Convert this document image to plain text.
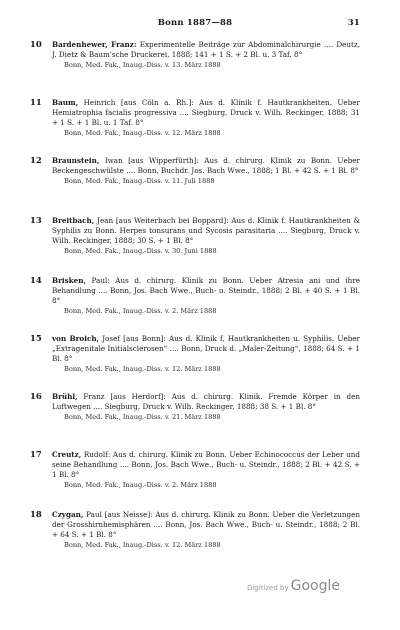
Bonn 1887—88	31
10 Bardenhewer, Franz: Experimentelle Beiträge zur Abdominalchirurgie .... Deutz, J. Dietz & Baum'sche Druckerei, 1888; 141 + 1 S. + 2 Bl. u. 3 Taf. 8°
Bonn, Med. Fak., Inaug.-Diss. v. 13. März 1888
11 Baum, Heinrich [aus Cöln a. Rh.]: Aus d. Klinik f. Hautkrankheiten. Ueber Hemiatrophia facialis progressiva .... Siegburg, Druck v. Wilh. Reckinger, 1888; 31 + 1 S. + 1 Bl. u. 1 Taf. 8°
Bonn, Med. Fak., Inaug.-Diss. v. 12. März 1888
12 Braunstein, Iwan [aus Wipperfürth]: Aus d. chirurg. Klinik zu Bonn. Ueber Beckengeschwülste .... Bonn, Buchdr. Jos. Bach Wwe., 1888; 1 Bl. + 42 S. + 1 Bl. 8°
Bonn, Med. Fak., Inaug.-Diss. v. 11. Juli 1888
13 Breitbach, Jean [aus Weiterbach bei Boppard]: Aus d. Klinik f. Hautkrankheiten & Syphilis zu Bonn. Herpes tonsurans und Sycosis parasitaria .... Siegburg, Druck v. Wilh. Reckinger, 1888; 30 S. + 1 Bl. 8°
Bonn, Med. Fak., Inaug.-Diss. v. 30. Juni 1888
14 Brisken, Paul: Aus d. chirurg. Klinik zu Bonn. Ueber Atresia ani und ihre Behandlung .... Bonn, Jos. Bach Wwe., Buch- u. Steindr., 1888; 2 Bl. + 40 S. + 1 Bl. 8°
Bonn, Med. Fak., Inaug.-Diss. v. 2. März 1888
15 von Broich, Josef [aus Bonn]: Aus d. Klinik f. Hautkrankheiten u. Syphilis. Ueber „Extragenitale Initialsclerosen“ .... Bonn, Druck d. „Maler-Zeitung“, 1888; 64 S. + 1 Bl. 8°
Bonn, Med. Fak., Inaug.-Diss. v. 12. März 1888
16 Brühl, Franz [aus Herdorf]: Aus d. chirurg. Klinik. Fremde Körper in den Luftwegen .... Siegburg, Druck v. Wilh. Reckinger, 1888; 38 S. + 1 Bl. 8°
Bonn, Med. Fak., Inaug.-Diss. v. 21. März 1888
17 Creutz, Rudolf: Aus d. chirurg. Klinik zu Bonn. Ueber Echinococcus der Leber und seine Behandlung .... Bonn, Jos. Bach Wwe., Buch- u. Steindr., 1888; 2 Bl. + 42 S. + 1 Bl. 8°
Bonn, Med. Fak., Inaug.-Diss. v. 2. März 1888
18 Czygan, Paul [aus Neisse]: Aus d. chirurg. Klinik zu Bonn. Ueber die Verletzungen der Grosshirnhemisphären .... Bonn, Jos. Bach Wwe., Buch- u. Steindr., 1888; 2 Bl. + 64 S. + 1 Bl. 8°
Bonn, Med. Fak., Inaug.-Diss. v. 12. März 1888
Digitized by Google
